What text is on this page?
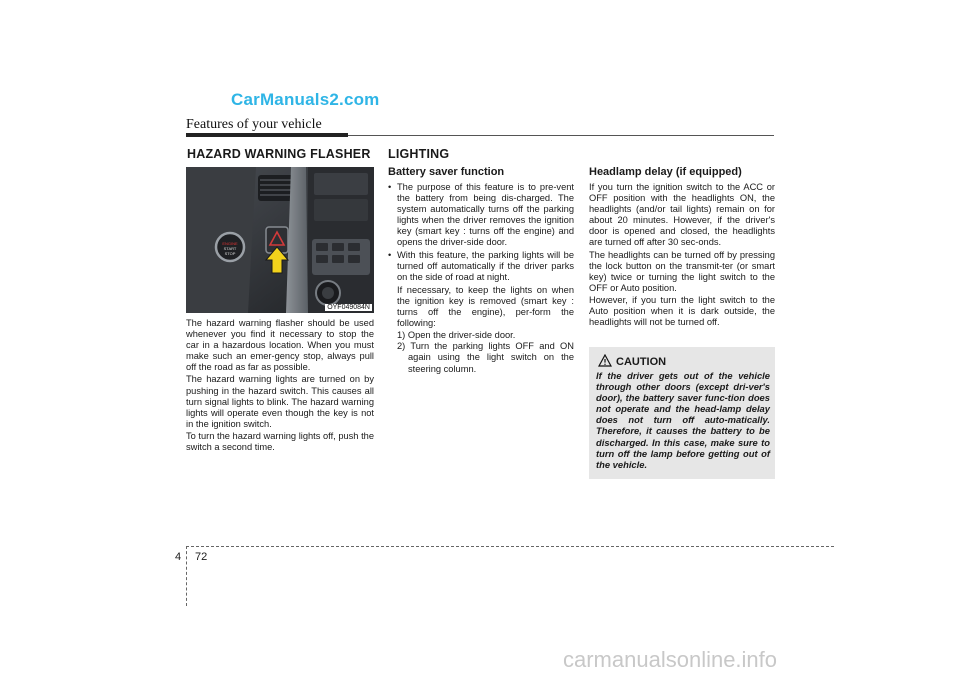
CarManuals2.com
Features of your vehicle
HAZARD WARNING FLASHER
ENGINE
START
STOP
OYF049084N

The hazard warning flasher should be used whenever you find it necessary to stop the car in a hazardous location. When you must make such an emer-gency stop, always pull off the road as far as possible.

The hazard warning lights are turned on by pushing in the hazard switch. This causes all turn signal lights to blink. The hazard warning lights will operate even though the key is not in the ignition switch.

To turn the hazard warning lights off, push the switch a second time.

LIGHTING
Battery saver function
• The purpose of this feature is to pre-vent the battery from being dis-charged. The system automatically turns off the parking lights when the driver removes the ignition key (smart key : turns off the engine) and opens the driver-side door.
• With this feature, the parking lights will be turned off automatically if the driver parks on the side of road at night.
If necessary, to keep the lights on when the ignition key is removed (smart key : turns off the engine), per-form the following:
1) Open the driver-side door.
2) Turn the parking lights OFF and ON again using the light switch on the steering column.
Headlamp delay (if equipped)

If you turn the ignition switch to the ACC or OFF position with the headlights ON, the headlights (and/or tail lights) remain on for about 20 minutes. However, if the driver's door is opened and closed, the headlights are turned off after 30 sec-onds.

The headlights can be turned off by pressing the lock button on the transmit-ter (or smart key) twice or turning the light switch to the OFF or Auto position.

However, if you turn the light switch to the Auto position when it is dark outside, the headlights will not be turned off.

CAUTION
If the driver gets out of the vehicle through other doors (except dri-ver's door), the battery saver func-tion does not operate and the head-lamp delay does not turn off auto-matically. Therefore, it causes the battery to be discharged. In this case, make sure to turn off the lamp before getting out of the vehicle.
4 72
carmanualsonline.info
